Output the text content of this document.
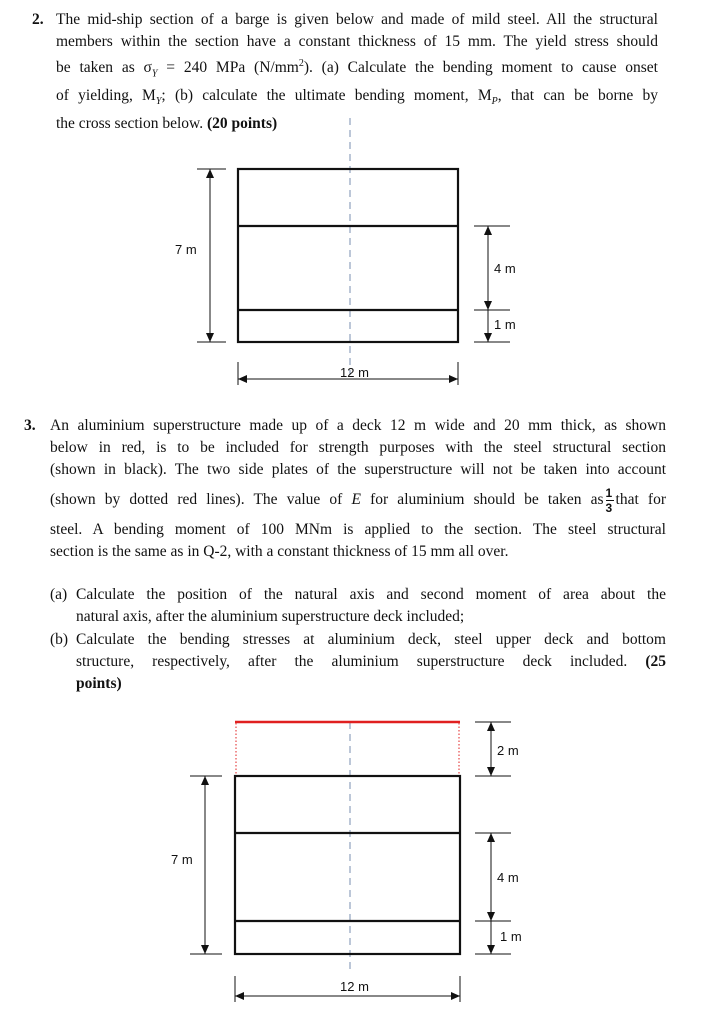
2. The mid-ship section of a barge is given below and made of mild steel. All the structural
members within the section have a constant thickness of 15 mm. The yield stress should
be taken as $\sigma_Y = 240$ MPa $(N/mm^2)$. (a) Calculate the bending moment to cause onset
of yielding, $M_Y$; (b) calculate the ultimate bending moment, $M_P$, that can be borne by
the cross section below. (20 points)
7 m
4 m
1 m
12 m
3. An aluminium superstructure made up of a deck 12 m wide and 20 mm thick, as shown
below in red, is to be included for strength purposes with the steel structural section
(shown in black). The two side plates of the superstructure will not be taken into account
(shown by dotted red lines). The value of E for aluminium should be taken as $\frac{1}{3}$ that for
steel. A bending moment of 100 MNm is applied to the section. The steel structural
section is the same as in Q-2, with a constant thickness of 15 mm all over.
(a) Calculate the position of the natural axis and second moment of area about the
natural axis, after the aluminium superstructure deck included;
(b) Calculate the bending stresses at aluminium deck, steel upper deck and bottom
structure, respectively, after the aluminium superstructure deck included. (25
points)
2 m
7 m
4 m
1 m
12 m
